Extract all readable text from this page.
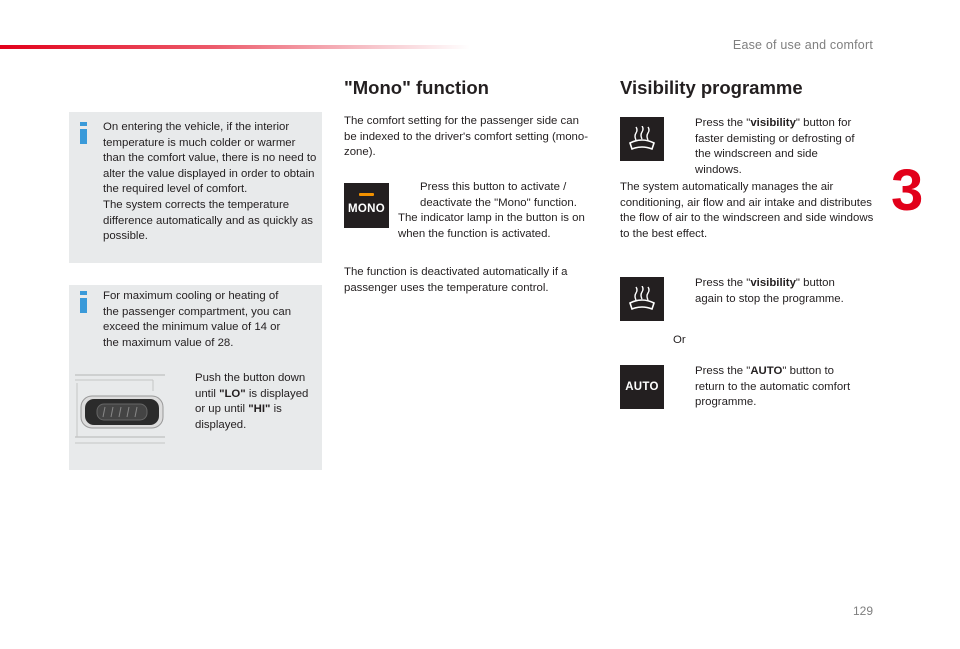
Ease of use and comfort
3
On entering the vehicle, if the interior temperature is much colder or warmer than the comfort value, there is no need to alter the value displayed in order to obtain the required level of comfort.
The system corrects the temperature difference automatically and as quickly as possible.
For maximum cooling or heating of the passenger compartment, you can exceed the minimum value of 14 or the maximum value of 28.
Push the button down until "LO" is displayed or up until "HI" is displayed.
"Mono" function
The comfort setting for the passenger side can be indexed to the driver's comfort setting (mono-zone).
MONO
Press this button to activate / deactivate the "Mono" function.
The indicator lamp in the button is on when the function is activated.
The function is deactivated automatically if a passenger uses the temperature control.
Visibility programme
Press the "visibility" button for faster demisting or defrosting of the windscreen and side windows.
The system automatically manages the air conditioning, air flow and air intake and distributes the flow of air to the windscreen and side windows to the best effect.
Press the "visibility" button again to stop the programme.
Or
AUTO
Press the "AUTO" button to return to the automatic comfort programme.
129
